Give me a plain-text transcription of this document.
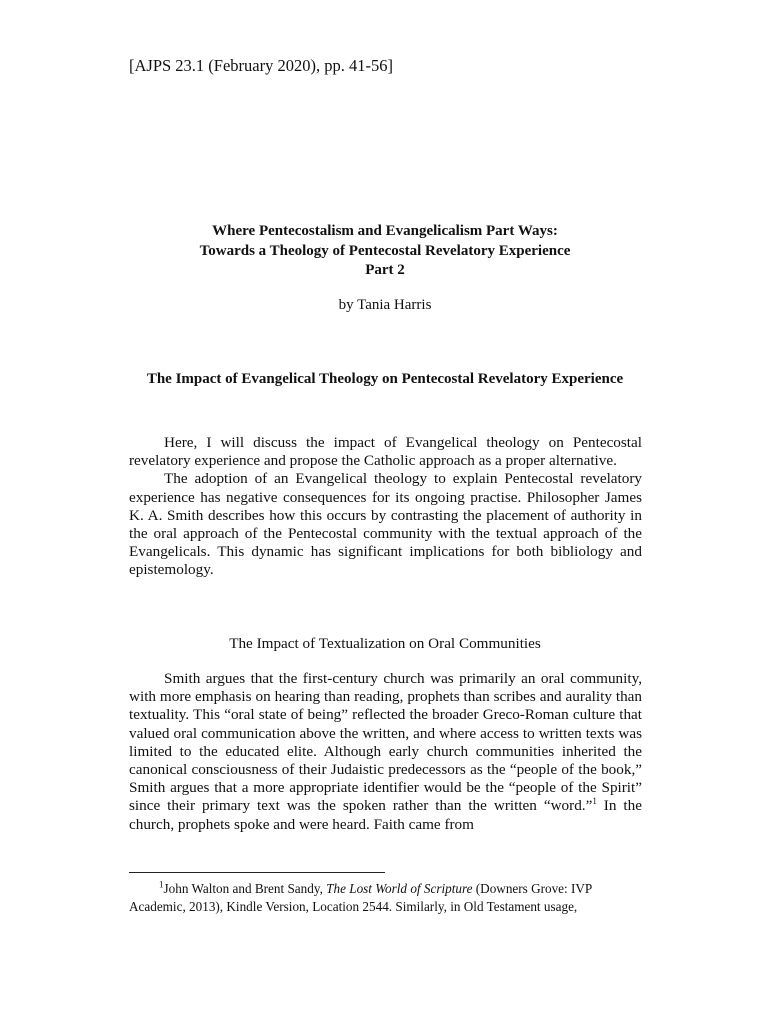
[AJPS 23.1 (February 2020), pp. 41-56]
Where Pentecostalism and Evangelicalism Part Ways:
Towards a Theology of Pentecostal Revelatory Experience
Part 2
by Tania Harris
The Impact of Evangelical Theology on Pentecostal Revelatory Experience

Here, I will discuss the impact of Evangelical theology on Pentecostal revelatory experience and propose the Catholic approach as a proper alternative.

The adoption of an Evangelical theology to explain Pentecostal revelatory experience has negative consequences for its ongoing practise. Philosopher James K. A. Smith describes how this occurs by contrasting the placement of authority in the oral approach of the Pentecostal community with the textual approach of the Evangelicals. This dynamic has significant implications for both bibliology and epistemology.

The Impact of Textualization on Oral Communities

Smith argues that the first-century church was primarily an oral community, with more emphasis on hearing than reading, prophets than scribes and aurality than textuality. This “oral state of being” reflected the broader Greco-Roman culture that valued oral communication above the written, and where access to written texts was limited to the educated elite. Although early church communities inherited the canonical consciousness of their Judaistic predecessors as the “people of the book,” Smith argues that a more appropriate identifier would be the “people of the Spirit” since their primary text was the spoken rather than the written “word.”$^1$ In the church, prophets spoke and were heard. Faith came from

$^1$John Walton and Brent Sandy, The Lost World of Scripture (Downers Grove: IVP Academic, 2013), Kindle Version, Location 2544. Similarly, in Old Testament usage,
